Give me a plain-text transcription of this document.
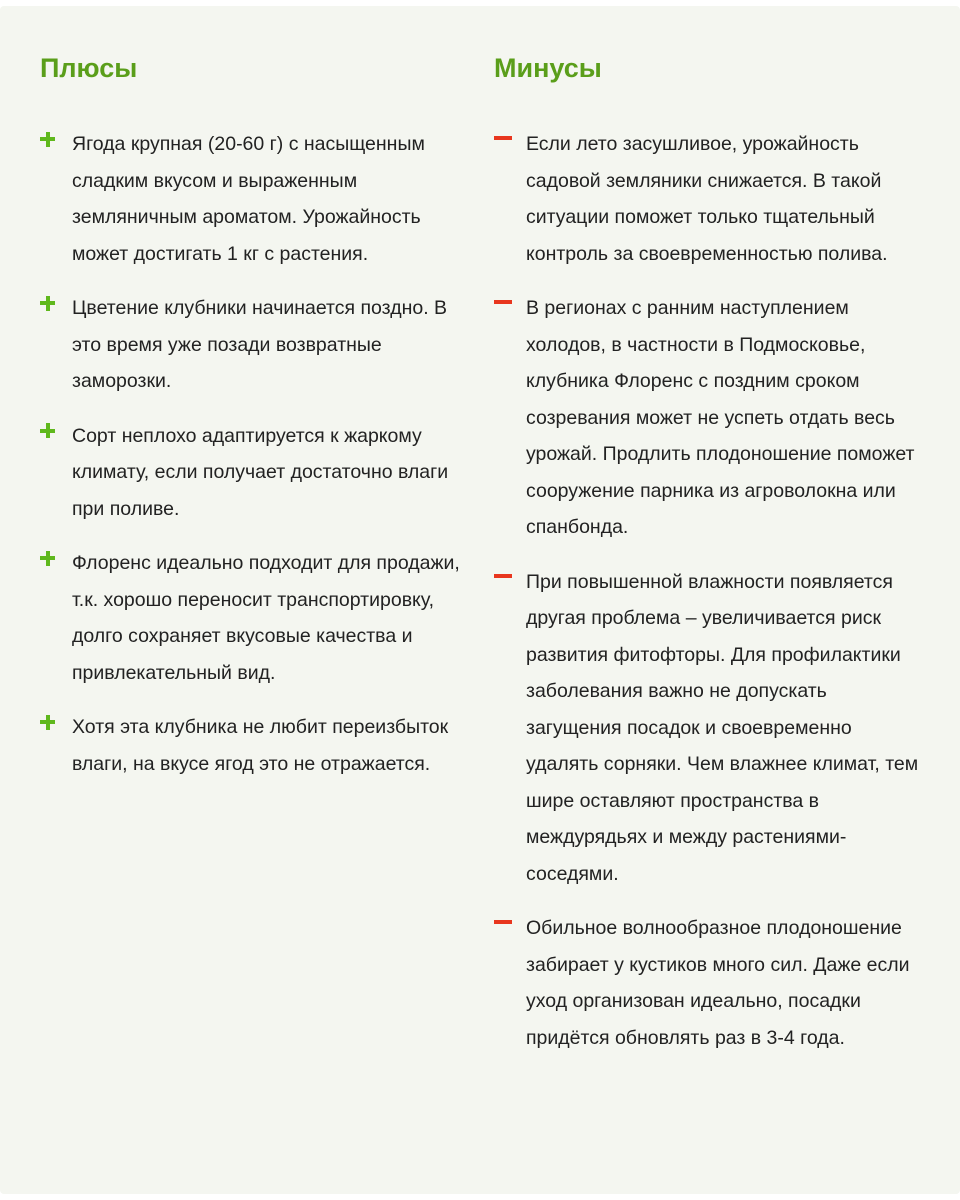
Плюсы
Ягода крупная (20-60 г) с насыщенным сладким вкусом и выраженным земляничным ароматом. Урожайность может достигать 1 кг с растения.
Цветение клубники начинается поздно. В это время уже позади возвратные заморозки.
Сорт неплохо адаптируется к жаркому климату, если получает достаточно влаги при поливе.
Флоренс идеально подходит для продажи, т.к. хорошо переносит транспортировку, долго сохраняет вкусовые качества и привлекательный вид.
Хотя эта клубника не любит переизбыток влаги, на вкусе ягод это не отражается.
Минусы
Если лето засушливое, урожайность садовой земляники снижается. В такой ситуации поможет только тщательный контроль за своевременностью полива.
В регионах с ранним наступлением холодов, в частности в Подмосковье, клубника Флоренс с поздним сроком созревания может не успеть отдать весь урожай. Продлить плодоношение поможет сооружение парника из агроволокна или спанбонда.
При повышенной влажности появляется другая проблема – увеличивается риск развития фитофторы. Для профилактики заболевания важно не допускать загущения посадок и своевременно удалять сорняки. Чем влажнее климат, тем шире оставляют пространства в междурядьях и между растениями-соседями.
Обильное волнообразное плодоношение забирает у кустиков много сил. Даже если уход организован идеально, посадки придётся обновлять раз в 3-4 года.
